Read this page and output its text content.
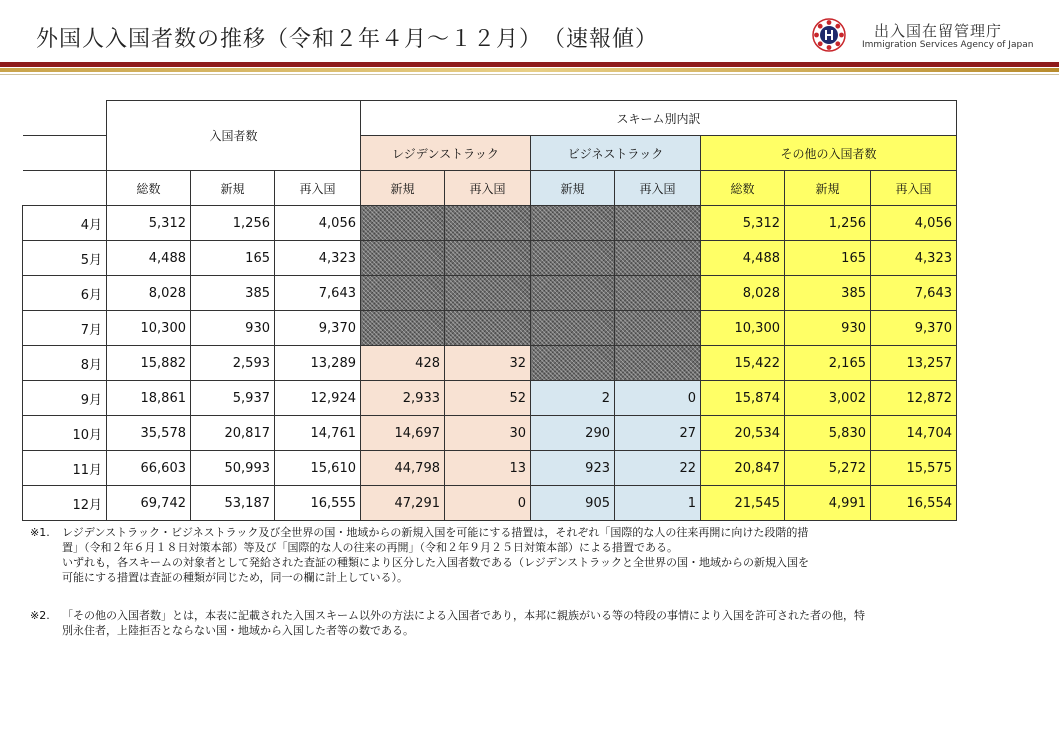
外国人入国者数の推移（令和２年４月～１２月）　（速報値）	出入国在留管理庁
Immigration Services Agency of Japan
	入国者数			スキーム別内訳						
				レジデンストラック		ビジネストラック		その他の入国者数		
	総数	新規	再入国	新規	再入国	新規	再入国	総数	新規	再入国
4月	5,312	1,256	4,056					5,312	1,256	4,056
5月	4,488	165	4,323					4,488	165	4,323
6月	8,028	385	7,643					8,028	385	7,643
7月	10,300	930	9,370					10,300	930	9,370
8月	15,882	2,593	13,289	428	32			15,422	2,165	13,257
9月	18,861	5,937	12,924	2,933	52	2	0	15,874	3,002	12,872
10月	35,578	20,817	14,761	14,697	30	290	27	20,534	5,830	14,704
11月	66,603	50,993	15,610	44,798	13	923	22	20,847	5,272	15,575
12月	69,742	53,187	16,555	47,291	0	905	1	21,545	4,991	16,554
※1. レジデンストラック・ビジネストラック及び全世界の国・地域からの新規入国を可能にする措置は，それぞれ「国際的な人の往来再開に向けた段階的措
置」（令和２年６月１８日対策本部）等及び「国際的な人の往来の再開」（令和２年９月２５日対策本部）による措置である。
いずれも，各スキームの対象者として発給された査証の種類により区分した入国者数である（レジデンストラックと全世界の国・地域からの新規入国を
可能にする措置は査証の種類が同じため，同一の欄に計上している）。
※2. 「その他の入国者数」とは，本表に記載された入国スキーム以外の方法による入国者であり，本邦に親族がいる等の特段の事情により入国を許可された者の他，特
別永住者，上陸拒否とならない国・地域から入国した者等の数である。
